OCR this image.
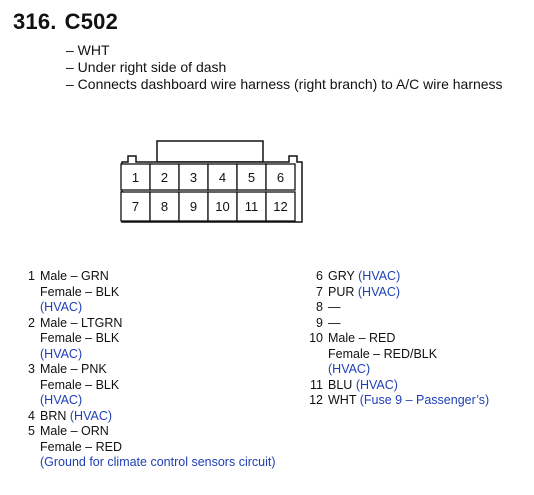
316. C502
– WHT
– Under right side of dash
– Connects dashboard wire harness (right branch) to A/C wire harness
1 2 3 4 5 6
7 8 9 10 11 12
1 Male – GRN
Female – BLK
(HVAC)
2 Male – LTGRN
Female – BLK
(HVAC)
3 Male – PNK
Female – BLK
(HVAC)
4 BRN (HVAC)
5 Male – ORN
Female – RED
(Ground for climate control sensors circuit)
6 GRY (HVAC)
7 PUR (HVAC)
8 —
9 —
10 Male – RED
Female – RED/BLK
(HVAC)
11 BLU (HVAC)
12 WHT (Fuse 9 – Passenger’s)
